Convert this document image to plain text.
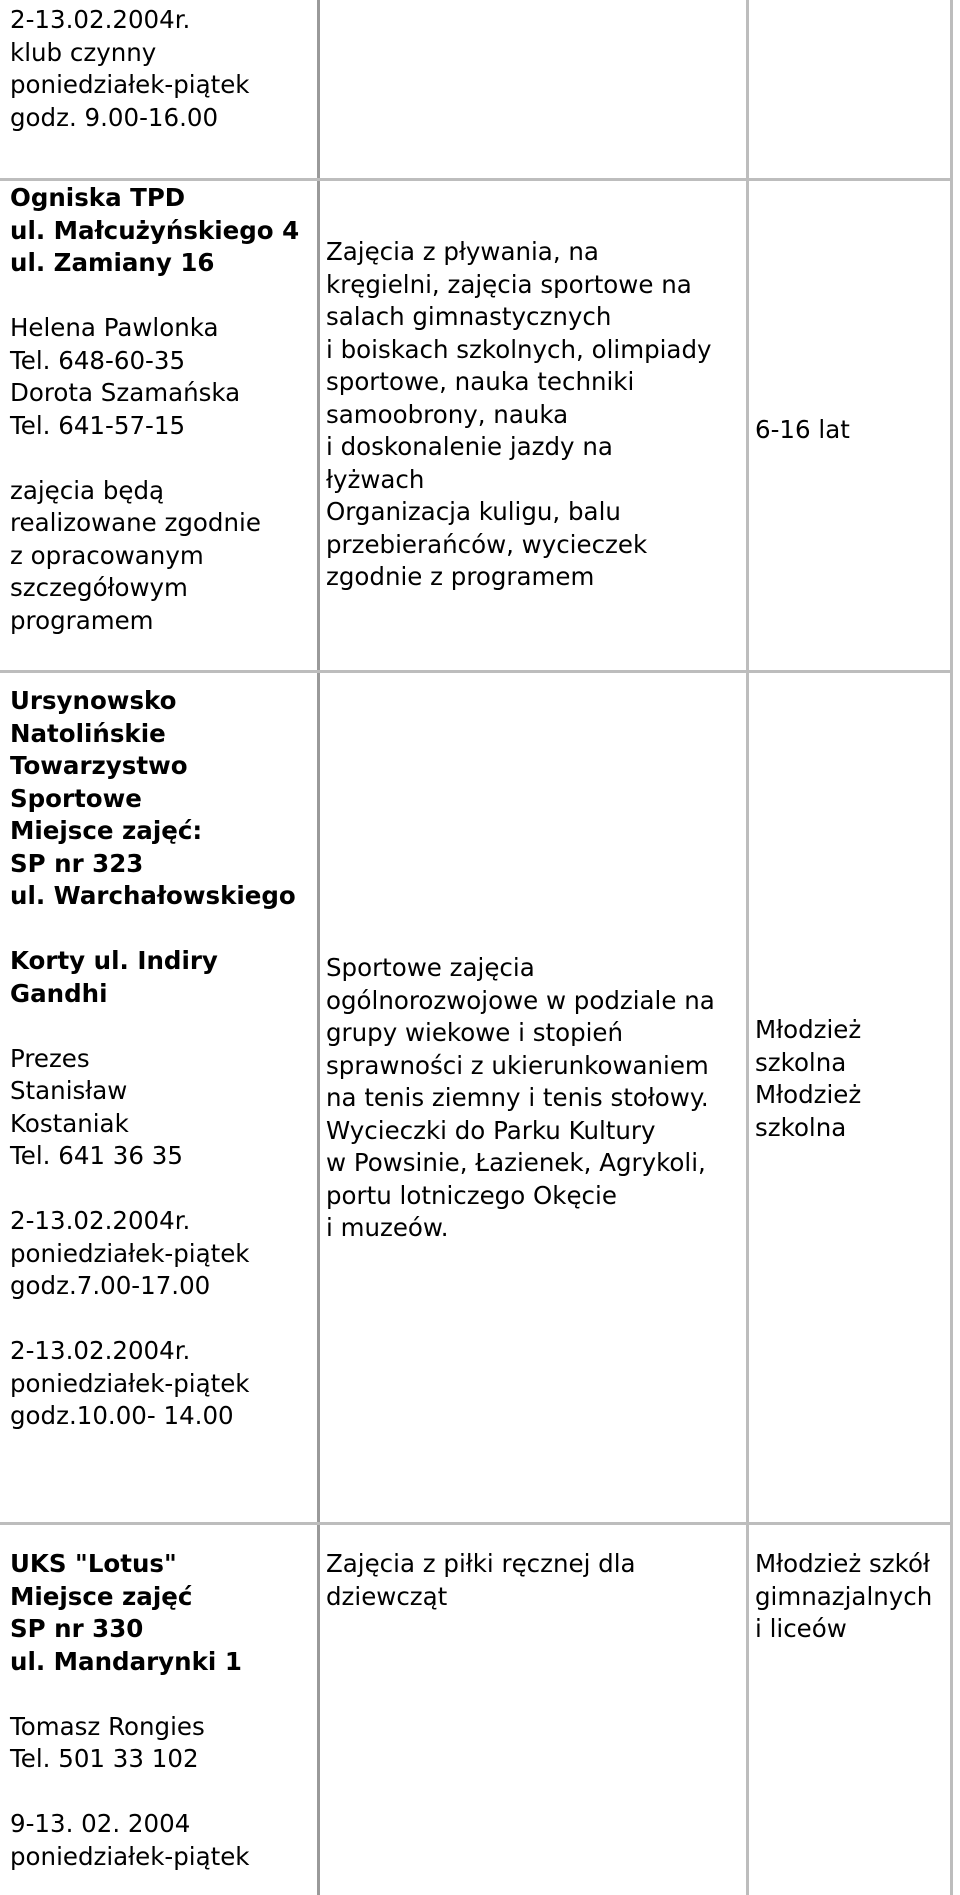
2-13.02.2004r.
klub czynny
poniedziałek-piątek
godz. 9.00-16.00
Ogniska TPD
ul. Małcużyńskiego 4
ul. Zamiany 16
Helena Pawlonka
Tel. 648-60-35
Dorota Szamańska
Tel. 641-57-15
zajęcia będą
realizowane zgodnie
z opracowanym
szczegółowym
programem
Zajęcia z pływania, na
kręgielni, zajęcia sportowe na
salach gimnastycznych
i boiskach szkolnych, olimpiady
sportowe, nauka techniki
samoobrony, nauka
i doskonalenie jazdy na
łyżwach
Organizacja kuligu, balu
przebierańców, wycieczek
zgodnie z programem
6-16 lat
Ursynowsko
Natolińskie
Towarzystwo
Sportowe
Miejsce zajęć:
SP nr 323
ul. Warchałowskiego
Korty ul. Indiry
Gandhi
Prezes
Stanisław
Kostaniak
Tel. 641 36 35
2-13.02.2004r.
poniedziałek-piątek
godz.7.00-17.00
2-13.02.2004r.
poniedziałek-piątek
godz.10.00- 14.00
Sportowe zajęcia
ogólnorozwojowe w podziale na
grupy wiekowe i stopień
sprawności z ukierunkowaniem
na tenis ziemny i tenis stołowy.
Wycieczki do Parku Kultury
w Powsinie, Łazienek, Agrykoli,
portu lotniczego Okęcie
i muzeów.
Młodzież
szkolna
Młodzież
szkolna
UKS "Lotus"
Miejsce zajęć
SP nr 330
ul. Mandarynki 1
Tomasz Rongies
Tel. 501 33 102
9-13. 02. 2004
poniedziałek-piątek
Zajęcia z piłki ręcznej dla
dziewcząt
Młodzież szkół
gimnazjalnych
i liceów
